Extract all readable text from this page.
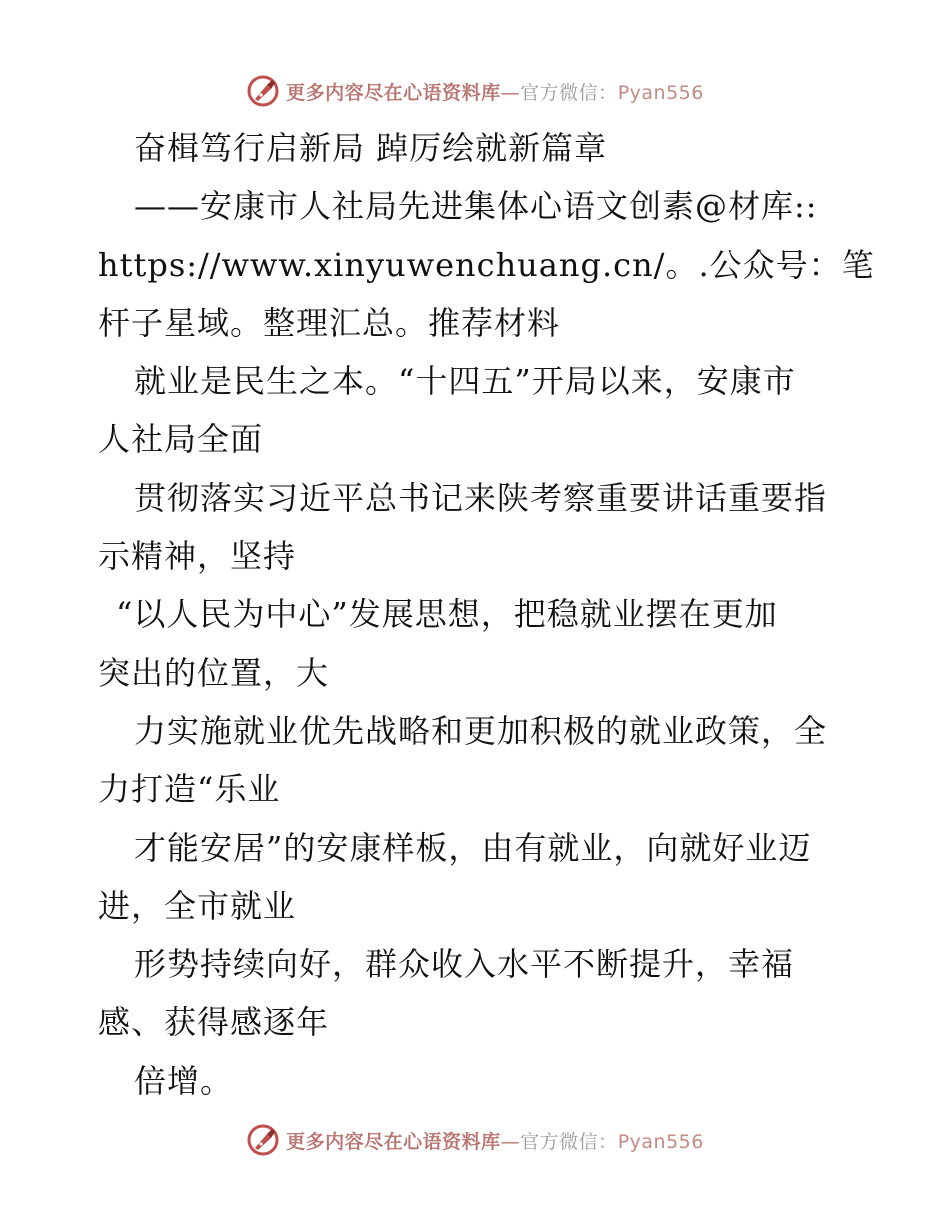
更多内容尽在心语资料库—官方微信：Pyan556
奋楫笃行启新局 踔厉绘就新篇章
——安康市人社局先进集体心语文创素@材库::
https://www.xinyuwenchuang.cn/。.公众号：笔
杆子星域。整理汇总。推荐材料
就业是民生之本。“十四五”开局以来，安康市
人社局全面
贯彻落实习近平总书记来陕考察重要讲话重要指
示精神，坚持
“以人民为中心”发展思想，把稳就业摆在更加
突出的位置，大
力实施就业优先战略和更加积极的就业政策，全
力打造“乐业
才能安居”的安康样板，由有就业，向就好业迈
进，全市就业
形势持续向好，群众收入水平不断提升，幸福
感、获得感逐年
倍增。
更多内容尽在心语资料库—官方微信：Pyan556
